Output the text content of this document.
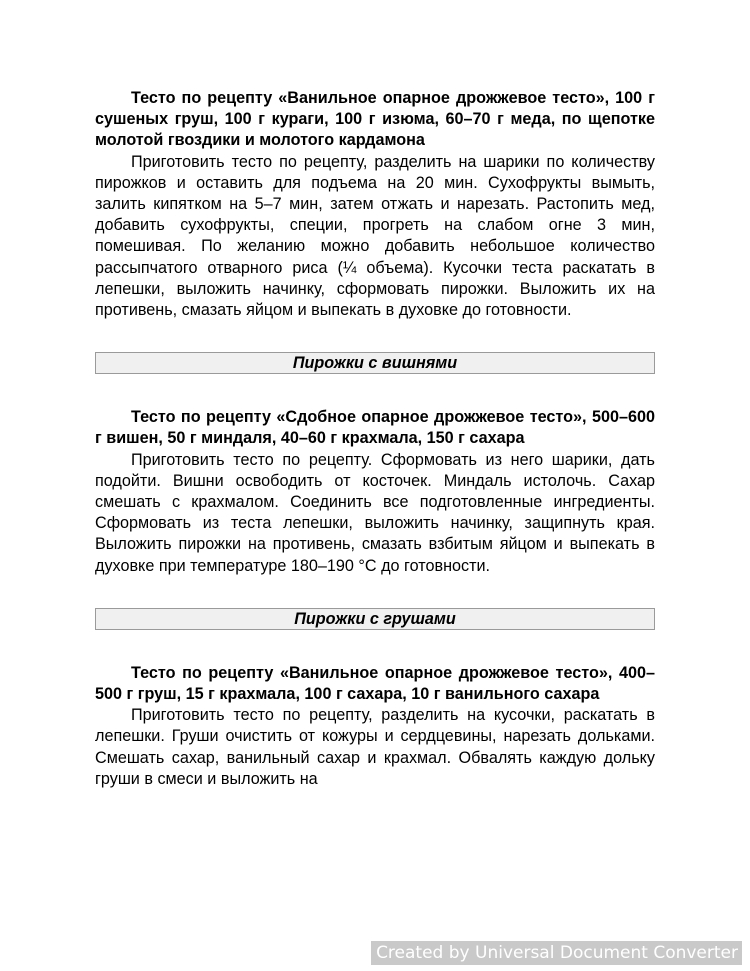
Тесто по рецепту «Ванильное опарное дрожжевое тесто», 100 г сушеных груш, 100 г кураги, 100 г изюма, 60–70 г меда, по щепотке молотой гвоздики и молотого кардамона

Приготовить тесто по рецепту, разделить на шарики по количеству пирожков и оставить для подъема на 20 мин. Сухофрукты вымыть, залить кипятком на 5–7 мин, затем отжать и нарезать. Растопить мед, добавить сухофрукты, специи, прогреть на слабом огне 3 мин, помешивая. По желанию можно добавить небольшое количество рассыпчатого отварного риса (¼ объема). Кусочки теста раскатать в лепешки, выложить начинку, сформовать пирожки. Выложить их на противень, смазать яйцом и выпекать в духовке до готовности.

Пирожки с вишнями

Тесто по рецепту «Сдобное опарное дрожжевое тесто», 500–600 г вишен, 50 г миндаля, 40–60 г крахмала, 150 г сахара

Приготовить тесто по рецепту. Сформовать из него шарики, дать подойти. Вишни освободить от косточек. Миндаль истолочь. Сахар смешать с крахмалом. Соединить все подготовленные ингредиенты. Сформовать из теста лепешки, выложить начинку, защипнуть края. Выложить пирожки на противень, смазать взбитым яйцом и выпекать в духовке при температуре 180–190 °С до готовности.

Пирожки с грушами

Тесто по рецепту «Ванильное опарное дрожжевое тесто», 400–500 г груш, 15 г крахмала, 100 г сахара, 10 г ванильного сахара

Приготовить тесто по рецепту, разделить на кусочки, раскатать в лепешки. Груши очистить от кожуры и сердцевины, нарезать дольками. Смешать сахар, ванильный сахар и крахмал. Обвалять каждую дольку груши в смеси и выложить на

Created by Universal Document Converter
